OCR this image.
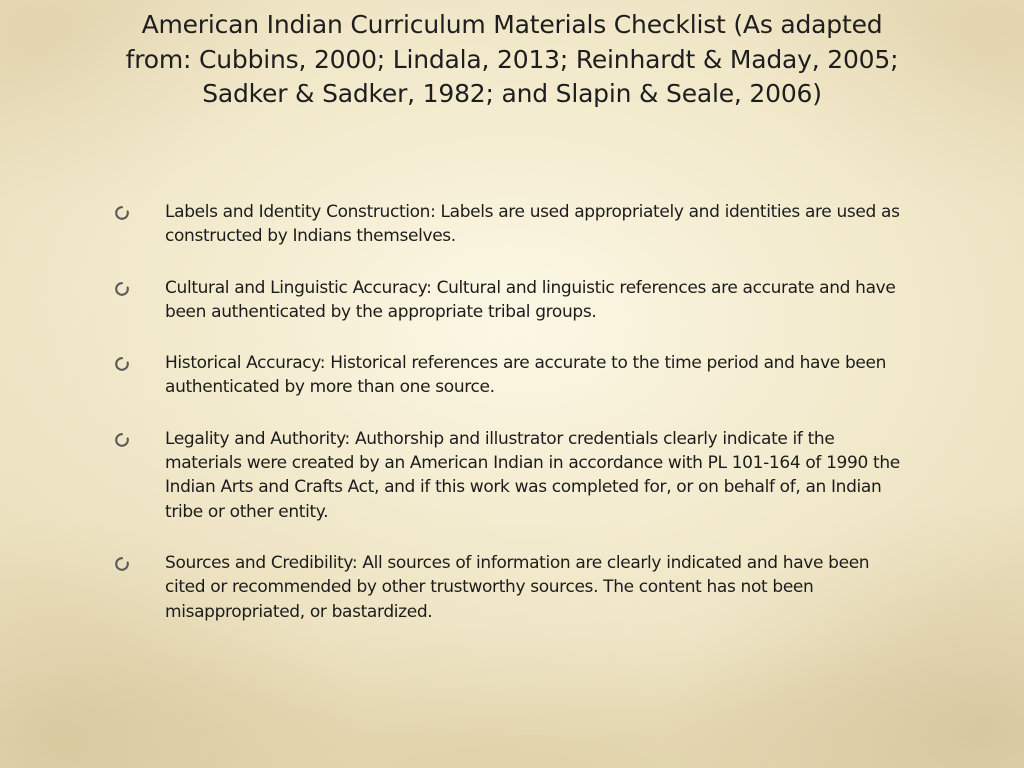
American Indian Curriculum Materials Checklist (As adapted from: Cubbins, 2000; Lindala, 2013; Reinhardt & Maday, 2005; Sadker & Sadker, 1982; and Slapin & Seale, 2006)
Labels and Identity Construction: Labels are used appropriately and identities are used as constructed by Indians themselves.
Cultural and Linguistic Accuracy: Cultural and linguistic references are accurate and have been authenticated by the appropriate tribal groups.
Historical Accuracy: Historical references are accurate to the time period and have been authenticated by more than one source.
Legality and Authority: Authorship and illustrator credentials clearly indicate if the materials were created by an American Indian in accordance with PL 101-164 of 1990 the Indian Arts and Crafts Act, and if this work was completed for, or on behalf of, an Indian tribe or other entity.
Sources and Credibility: All sources of information are clearly indicated and have been cited or recommended by other trustworthy sources. The content has not been misappropriated, or bastardized.
